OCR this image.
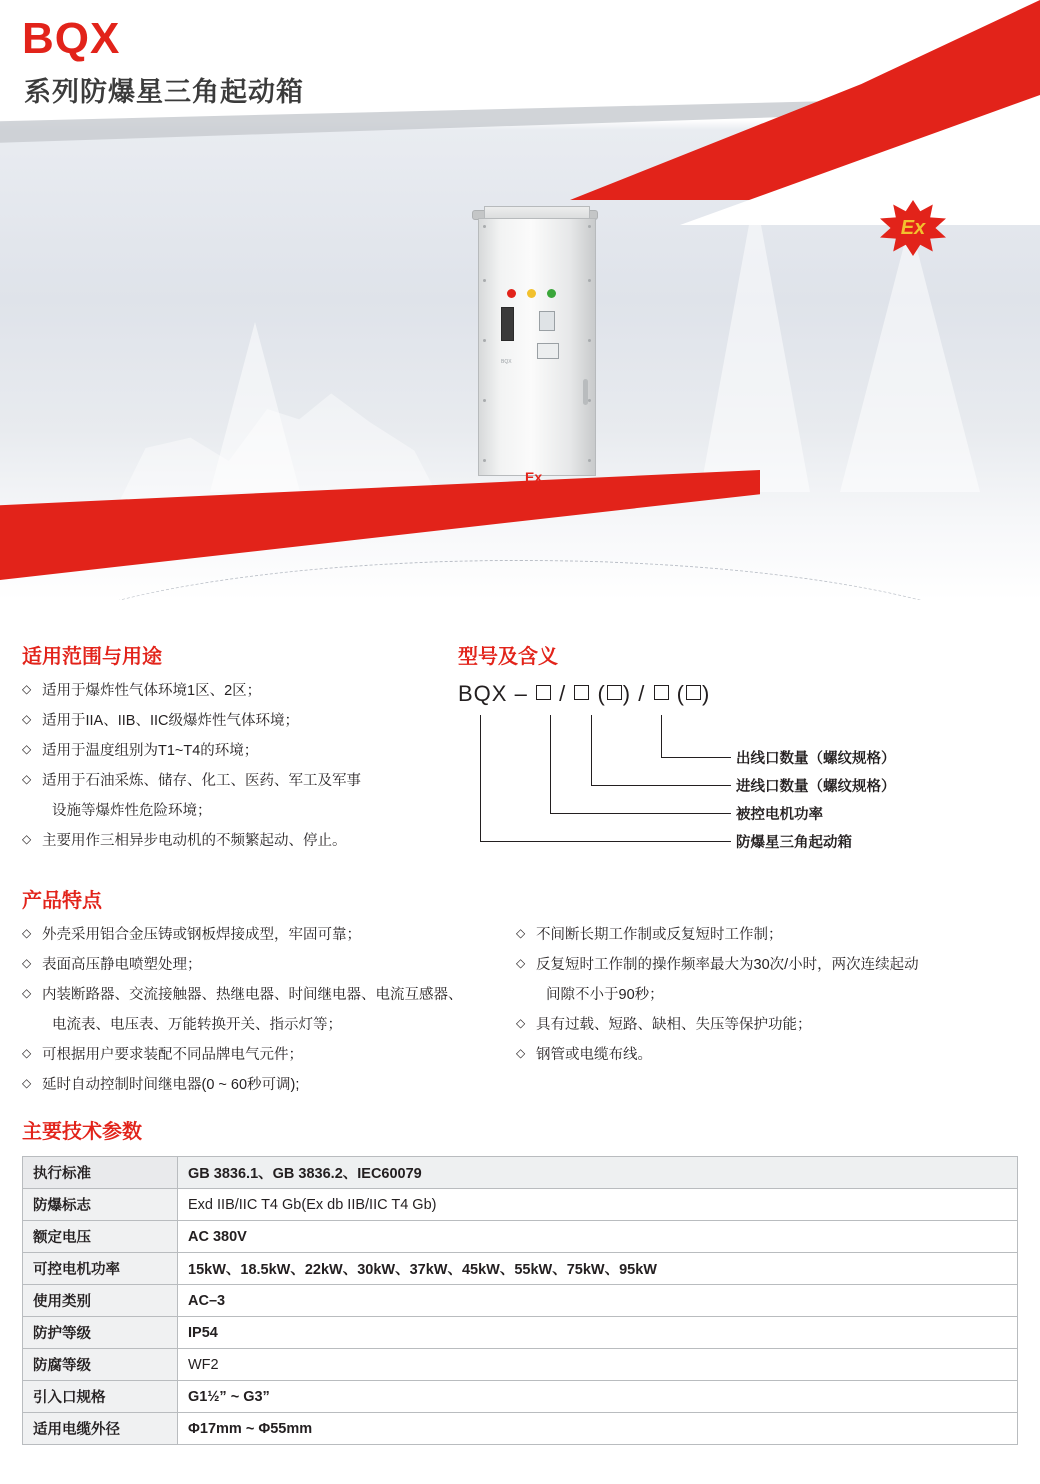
BQX
系列防爆星三角起动箱
BQX
Ex
Ex
适用范围与用途
◇ 适用于爆炸性气体环境1区、2区；
◇ 适用于IIA、IIB、IIC级爆炸性气体环境；
◇ 适用于温度组别为T1~T4的环境；
◇ 适用于石油采炼、储存、化工、医药、军工及军事
设施等爆炸性危险环境；
◇ 主要用作三相异步电动机的不频繁起动、停止。
型号及含义
BQX – / ( ) / ( )
出线口数量（螺纹规格）
进线口数量（螺纹规格）
被控电机功率
防爆星三角起动箱
产品特点
◇ 外壳采用铝合金压铸或钢板焊接成型，牢固可靠；
◇ 表面高压静电喷塑处理；
◇ 内装断路器、交流接触器、热继电器、时间继电器、电流互感器、
电流表、电压表、万能转换开关、指示灯等；
◇ 可根据用户要求装配不同品牌电气元件；
◇ 延时自动控制时间继电器(0 ~ 60秒可调);
◇ 不间断长期工作制或反复短时工作制；
◇ 反复短时工作制的操作频率最大为30次/小时，两次连续起动
间隙不小于90秒；
◇ 具有过载、短路、缺相、失压等保护功能；
◇ 钢管或电缆布线。
主要技术参数
执行标准	GB 3836.1、GB 3836.2、IEC60079
防爆标志	Exd IIB/IIC T4 Gb(Ex db IIB/IIC T4 Gb)
额定电压	AC 380V
可控电机功率	15kW、18.5kW、22kW、30kW、37kW、45kW、55kW、75kW、95kW
使用类别	AC–3
防护等级	IP54
防腐等级	WF2
引入口规格	G1½” ~ G3”
适用电缆外径	Φ17mm ~ Φ55mm
